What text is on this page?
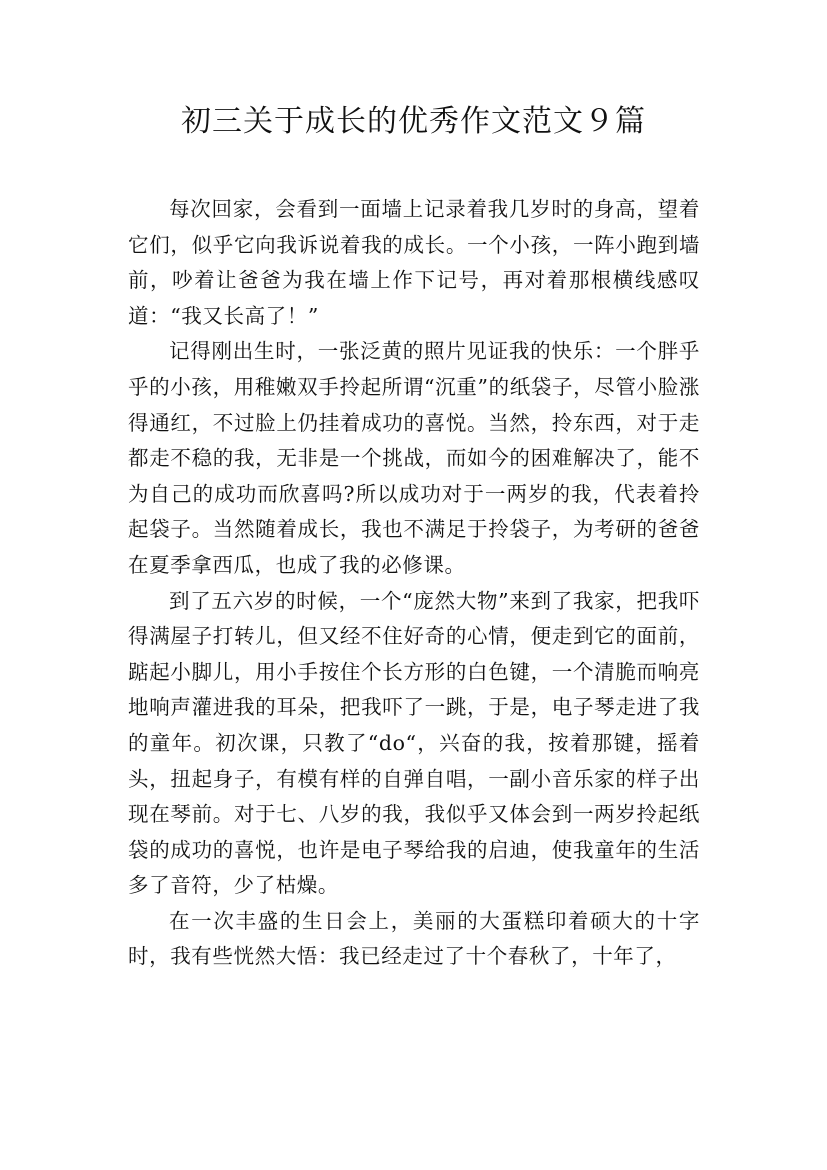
初三关于成长的优秀作文范文９篇

每次回家，会看到一面墙上记录着我几岁时的身高，望着它们，似乎它向我诉说着我的成长。一个小孩，一阵小跑到墙前，吵着让爸爸为我在墙上作下记号，再对着那根横线感叹道：“我又长高了！”

记得刚出生时，一张泛黄的照片见证我的快乐：一个胖乎乎的小孩，用稚嫩双手拎起所谓“沉重”的纸袋子，尽管小脸涨得通红，不过脸上仍挂着成功的喜悦。当然，拎东西，对于走都走不稳的我，无非是一个挑战，而如今的困难解决了，能不为自己的成功而欣喜吗?所以成功对于一两岁的我，代表着拎起袋子。当然随着成长，我也不满足于拎袋子，为考研的爸爸在夏季拿西瓜，也成了我的必修课。

到了五六岁的时候，一个“庞然大物”来到了我家，把我吓得满屋子打转儿，但又经不住好奇的心情，便走到它的面前，踮起小脚儿，用小手按住个长方形的白色键，一个清脆而响亮地响声灌进我的耳朵，把我吓了一跳，于是，电子琴走进了我的童年。初次课，只教了“do“，兴奋的我，按着那键，摇着头，扭起身子，有模有样的自弹自唱，一副小音乐家的样子出现在琴前。对于七、八岁的我，我似乎又体会到一两岁拎起纸袋的成功的喜悦，也许是电子琴给我的启迪，使我童年的生活多了音符，少了枯燥。

在一次丰盛的生日会上，美丽的大蛋糕印着硕大的十字时，我有些恍然大悟：我已经走过了十个春秋了，十年了，
